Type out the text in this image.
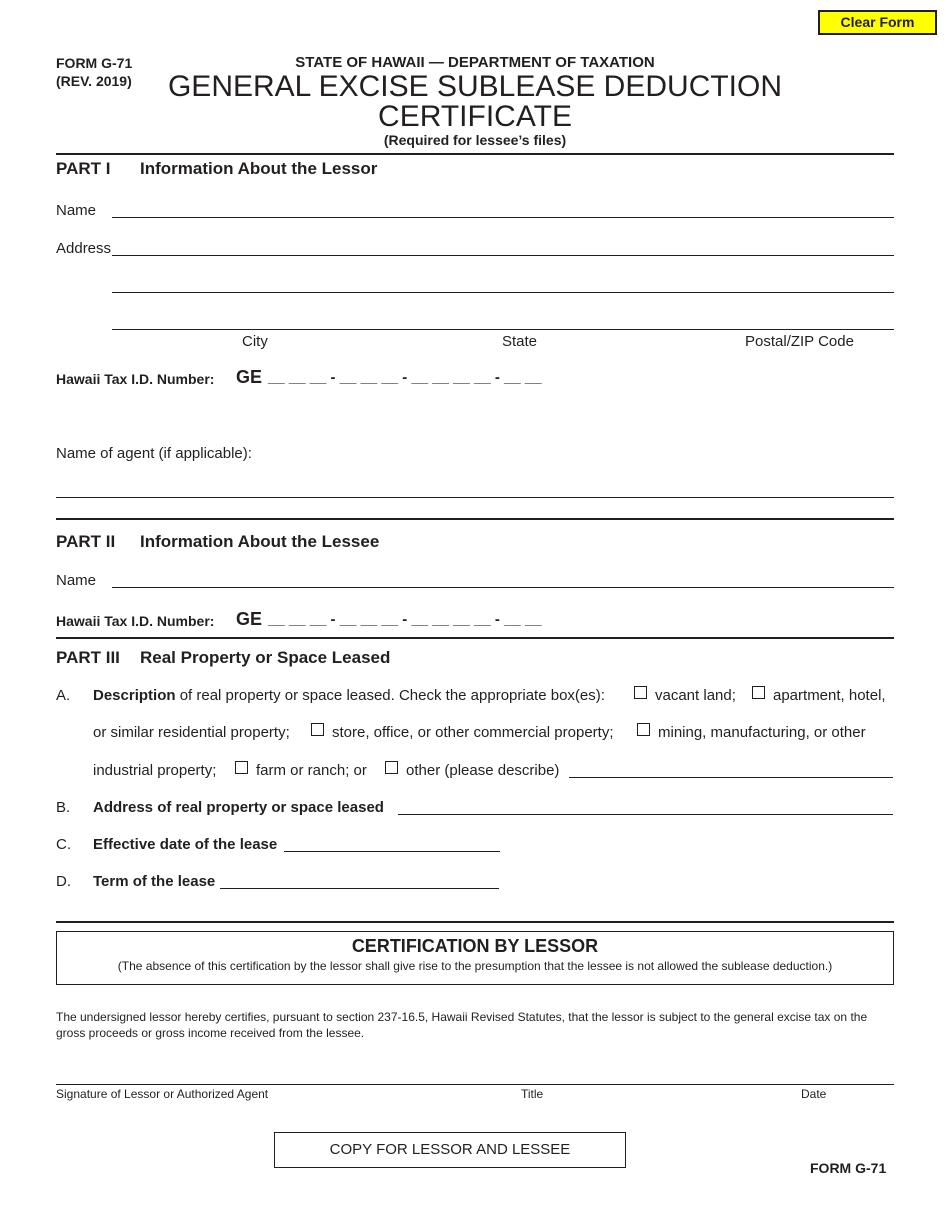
Clear Form
FORM G-71
(REV. 2019)
STATE OF HAWAII — DEPARTMENT OF TAXATION
GENERAL EXCISE SUBLEASE DEDUCTION
CERTIFICATE
(Required for lessee’s files)
PART I Information About the Lessor
Name
Address
City	State	Postal/ZIP Code
Hawaii Tax I.D. Number: GE __ __ __ - __ __ __ - __ __ __ __ - __ __
Name of agent (if applicable):
PART II Information About the Lessee
Name
Hawaii Tax I.D. Number: GE __ __ __ - __ __ __ - __ __ __ __ - __ __
PART III Real Property or Space Leased
A. Description of real property or space leased. Check the appropriate box(es):	vacant land; apartment, hotel,
or similar residential property;	store, office, or other commercial property;	mining, manufacturing, or other
industrial property;	farm or ranch; or	other (please describe)
B. Address of real property or space leased
C. Effective date of the lease
D. Term of the lease
CERTIFICATION BY LESSOR
(The absence of this certification by the lessor shall give rise to the presumption that the lessee is not allowed the sublease deduction.)
The undersigned lessor hereby certifies, pursuant to section 237-16.5, Hawaii Revised Statutes, that the lessor is subject to the general excise tax on the gross proceeds or gross income received from the lessee.
Signature of Lessor or Authorized Agent	Title	Date
COPY FOR LESSOR AND LESSEE
FORM G-71
